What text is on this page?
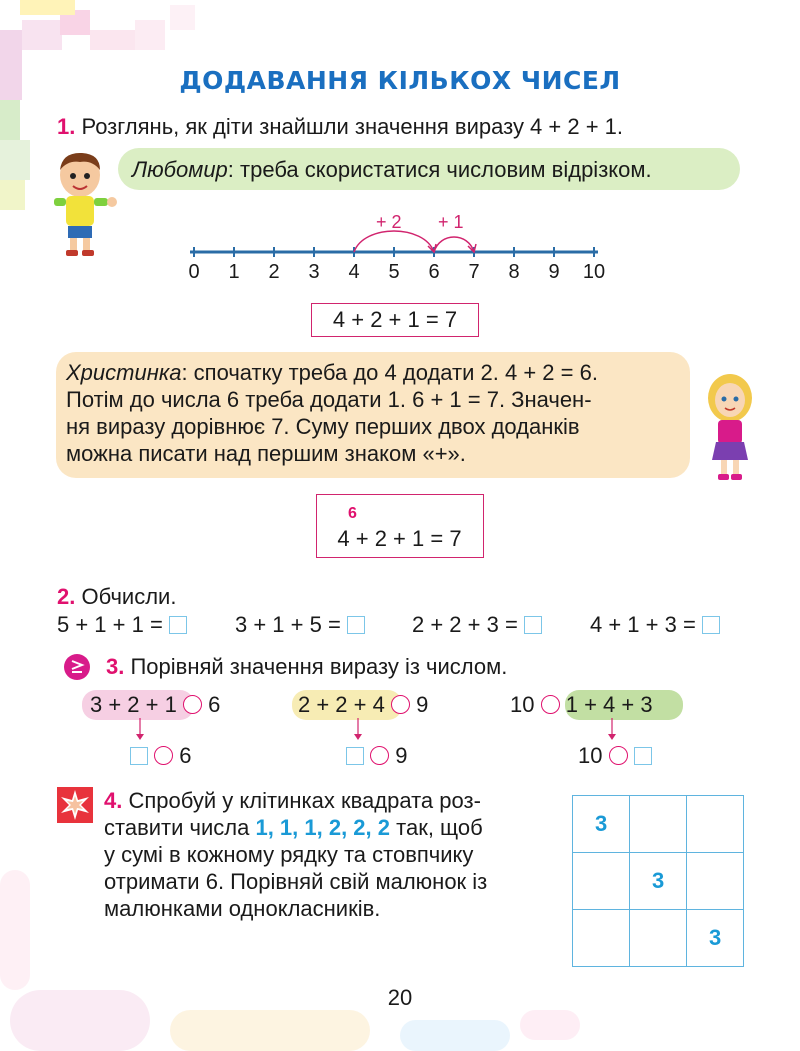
ДОДАВАННЯ КІЛЬКОХ ЧИСЕЛ
1. Розглянь, як діти знайшли значення виразу 4 + 2 + 1.
Любомир: треба скористатися числовим відрізком.
+ 2 + 1
0 1 2 3 4 5 6 7 8 9 10
4 + 2 + 1 = 7
Христинка: спочатку треба до 4 додати 2. 4 + 2 = 6.
Потім до числа 6 треба додати 1. 6 + 1 = 7. Значен-
ня виразу дорівнює 7. Суму перших двох доданків
можна писати над першим знаком «+».
6
4 + 2 + 1 = 7
2. Обчисли.
5 + 1 + 1 =	3 + 1 + 5 =	2 + 2 + 3 =	4 + 1 + 3 =
3. Порівняй значення виразу із числом.
3 + 2 + 1 6	2 + 2 + 4 9	10 1 + 4 + 3
6	9	10
4. Спробуй у клітинках квадрата роз-
ставити числа 1, 1, 1, 2, 2, 2 так, щоб
у сумі в кожному рядку та стовпчику
отримати 6. Порівняй свій малюнок із
малюнками однокласників.
3		
	3	
		3
20
